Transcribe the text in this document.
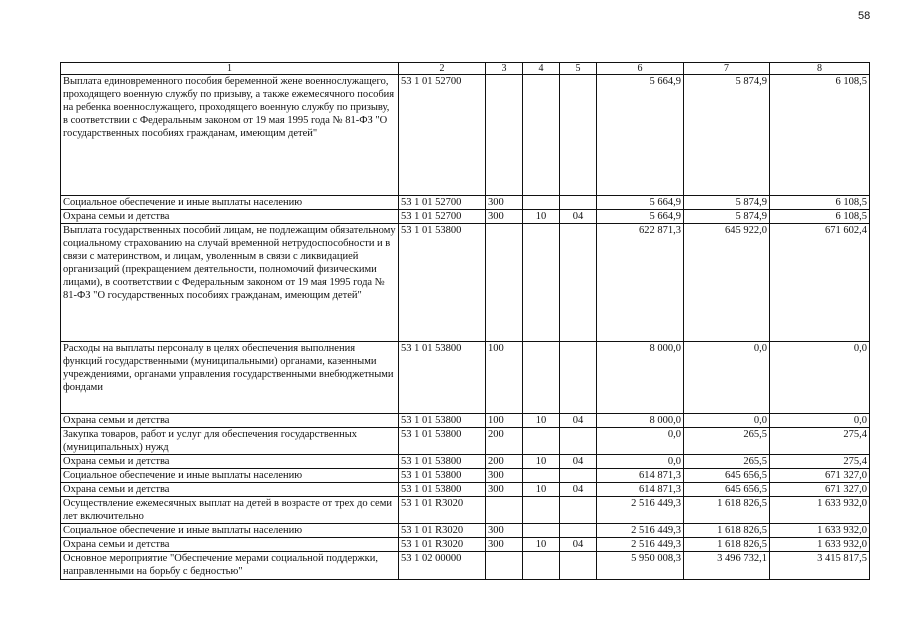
58
1	2	3	4	5	6	7	8
Выплата единовременного пособия беременной жене военнослужащего, проходящего военную службу по призыву, а также ежемесячного пособия на ребенка военнослужащего, проходящего военную службу по призыву, в соответствии с Федеральным законом от 19 мая 1995 года № 81-ФЗ "О государственных пособиях гражданам, имеющим детей"	53 1 01 52700				5 664,9	5 874,9	6 108,5
Социальное обеспечение и иные выплаты населению	53 1 01 52700	300			5 664,9	5 874,9	6 108,5
Охрана семьи и детства	53 1 01 52700	300	10	04	5 664,9	5 874,9	6 108,5
Выплата государственных пособий лицам, не подлежащим обязательному социальному страхованию на случай временной нетрудоспособности и в связи с материнством, и лицам, уволенным в связи с ликвидацией организаций (прекращением деятельности, полномочий физическими лицами), в соответствии с Федеральным законом от 19 мая 1995 года № 81-ФЗ "О государственных пособиях гражданам, имеющим детей"	53 1 01 53800				622 871,3	645 922,0	671 602,4
Расходы на выплаты персоналу в целях обеспечения выполнения функций государственными (муниципальными) органами, казенными учреждениями, органами управления государственными внебюджетными фондами	53 1 01 53800	100			8 000,0	0,0	0,0
Охрана семьи и детства	53 1 01 53800	100	10	04	8 000,0	0,0	0,0
Закупка товаров, работ и услуг для обеспечения государственных (муниципальных) нужд	53 1 01 53800	200			0,0	265,5	275,4
Охрана семьи и детства	53 1 01 53800	200	10	04	0,0	265,5	275,4
Социальное обеспечение и иные выплаты населению	53 1 01 53800	300			614 871,3	645 656,5	671 327,0
Охрана семьи и детства	53 1 01 53800	300	10	04	614 871,3	645 656,5	671 327,0
Осуществление ежемесячных выплат на детей в возрасте от трех до семи лет включительно	53 1 01 R3020				2 516 449,3	1 618 826,5	1 633 932,0
Социальное обеспечение и иные выплаты населению	53 1 01 R3020	300			2 516 449,3	1 618 826,5	1 633 932,0
Охрана семьи и детства	53 1 01 R3020	300	10	04	2 516 449,3	1 618 826,5	1 633 932,0
Основное мероприятие "Обеспечение мерами социальной поддержки, направленными на борьбу с бедностью"	53 1 02 00000				5 950 008,3	3 496 732,1	3 415 817,5
